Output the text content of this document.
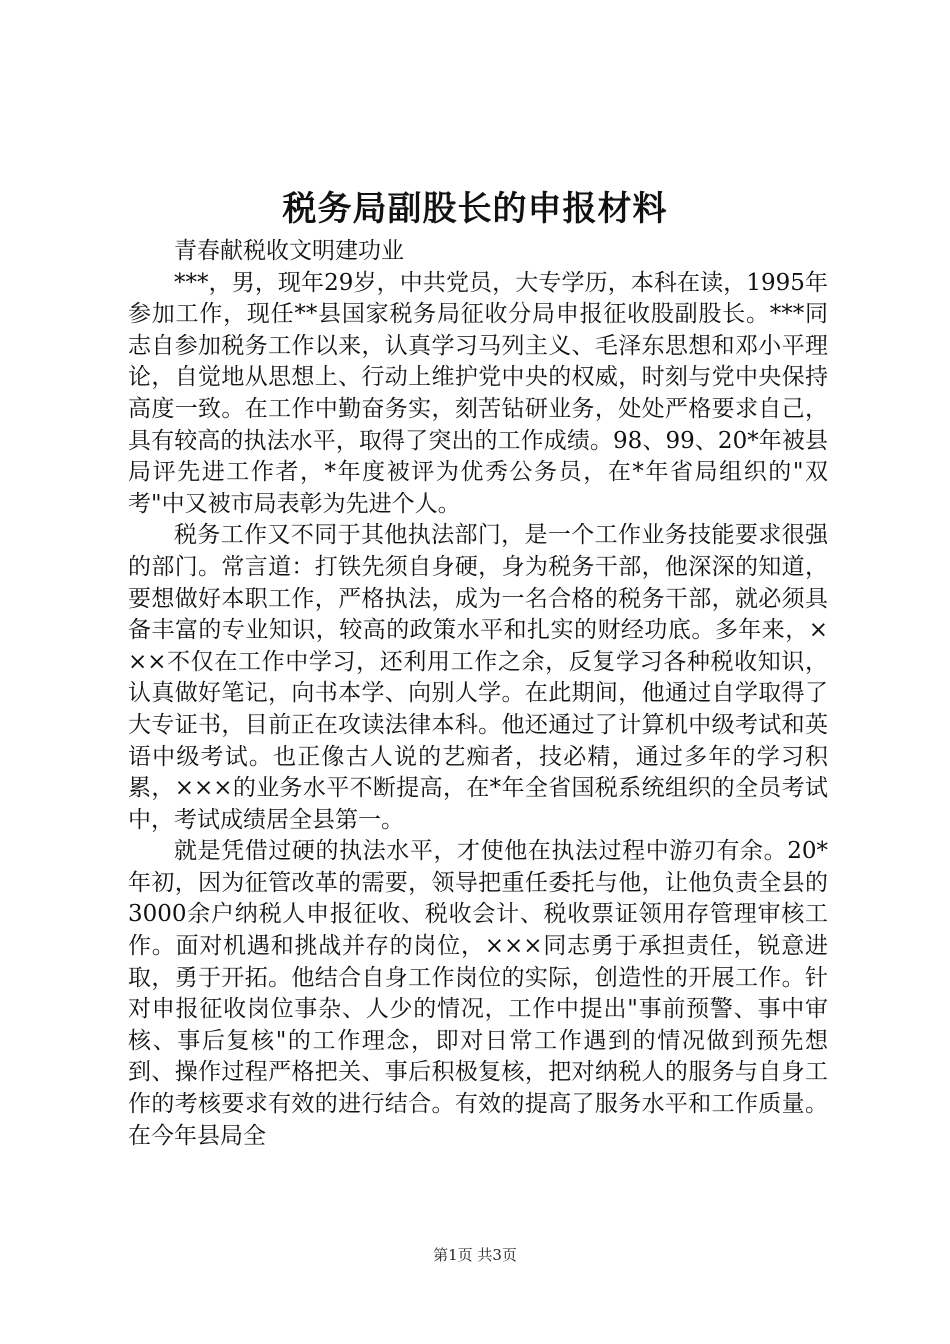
税务局副股长的申报材料

青春献税收文明建功业

***，男，现年29岁，中共党员，大专学历，本科在读，1995年参加工作，现任**县国家税务局征收分局申报征收股副股长。***同志自参加税务工作以来，认真学习马列主义、毛泽东思想和邓小平理论，自觉地从思想上、行动上维护党中央的权威，时刻与党中央保持高度一致。在工作中勤奋务实，刻苦钻研业务，处处严格要求自己，具有较高的执法水平，取得了突出的工作成绩。98、99、20*年被县局评先进工作者，*年度被评为优秀公务员，在*年省局组织的"双考"中又被市局表彰为先进个人。

税务工作又不同于其他执法部门，是一个工作业务技能要求很强的部门。常言道：打铁先须自身硬，身为税务干部，他深深的知道，要想做好本职工作，严格执法，成为一名合格的税务干部，就必须具备丰富的专业知识，较高的政策水平和扎实的财经功底。多年来，×××不仅在工作中学习，还利用工作之余，反复学习各种税收知识，认真做好笔记，向书本学、向别人学。在此期间，他通过自学取得了大专证书，目前正在攻读法律本科。他还通过了计算机中级考试和英语中级考试。也正像古人说的艺痴者，技必精，通过多年的学习积累，×××的业务水平不断提高，在*年全省国税系统组织的全员考试中，考试成绩居全县第一。

就是凭借过硬的执法水平，才使他在执法过程中游刃有余。20*年初，因为征管改革的需要，领导把重任委托与他，让他负责全县的3000余户纳税人申报征收、税收会计、税收票证领用存管理审核工作。面对机遇和挑战并存的岗位，×××同志勇于承担责任，锐意进取，勇于开拓。他结合自身工作岗位的实际，创造性的开展工作。针对申报征收岗位事杂、人少的情况，工作中提出"事前预警、事中审核、事后复核"的工作理念，即对日常工作遇到的情况做到预先想到、操作过程严格把关、事后积极复核，把对纳税人的服务与自身工作的考核要求有效的进行结合。有效的提高了服务水平和工作质量。在今年县局全

第1页 共3页
